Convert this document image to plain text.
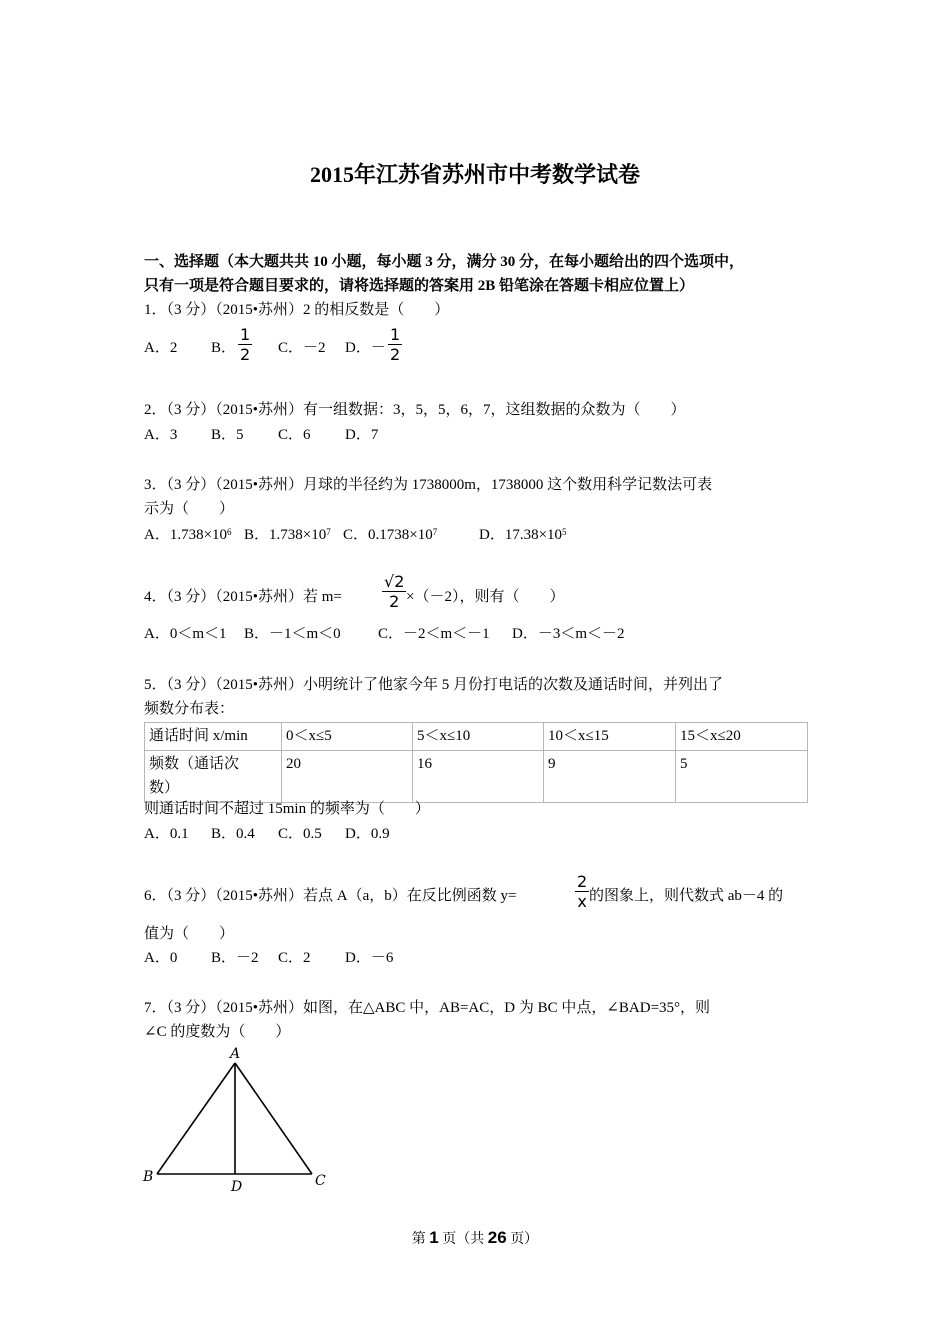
2015年江苏省苏州市中考数学试卷
一、选择题（本大题共共 10 小题，每小题 3 分，满分 30 分，在每小题给出的四个选项中，
只有一项是符合题目要求的，请将选择题的答案用 2B 铅笔涂在答题卡相应位置上）
1．（3 分）（2015•苏州）2 的相反数是（　　）
A．2 B． $\frac{1}{2}$ C．－2 D．－ $\frac{1}{2}$
2．（3 分）（2015•苏州）有一组数据：3，5，5，6，7，这组数据的众数为（　　）
A．3 B．5 C．6 D．7
3．（3 分）（2015•苏州）月球的半径约为 1738000m，1738000 这个数用科学记数法可表
示为（　　）
A．$1.738\times 10^6$ B．$1.738\times 10^7$ C．$0.1738\times 10^7$	D．$17.38\times 10^5$
4．（3 分）（2015•苏州）若 m=	$\frac{√2}{2} \times(-2)$，则有（　　）
A．0＜m＜1 B．－1＜m＜0 C．－2＜m＜－1 D．－3＜m＜－2
5．（3 分）（2015•苏州）小明统计了他家今年 5 月份打电话的次数及通话时间，并列出了
频数分布表：
通话时间 x/min	0＜x≤5	5＜x≤10	10＜x≤15	15＜x≤20
频数（通话次
数）	20	16	9	5
则通话时间不超过 15min 的频率为（　　）
A．0.1 B．0.4 C．0.5 D．0.9
6．（3 分）（2015•苏州）若点 A（a，b）在反比例函数 y=	$\frac{2}{x}$ 的图象上，则代数式 ab－4 的
值为（　　）
A．0 B．－2 C．2 D．－6
7．（3 分）（2015•苏州）如图，在△ABC 中，AB=AC，D 为 BC 中点，∠BAD=35°，则
∠C 的度数为（　　）
A
B	C
D
第 1 页（共 26 页）
